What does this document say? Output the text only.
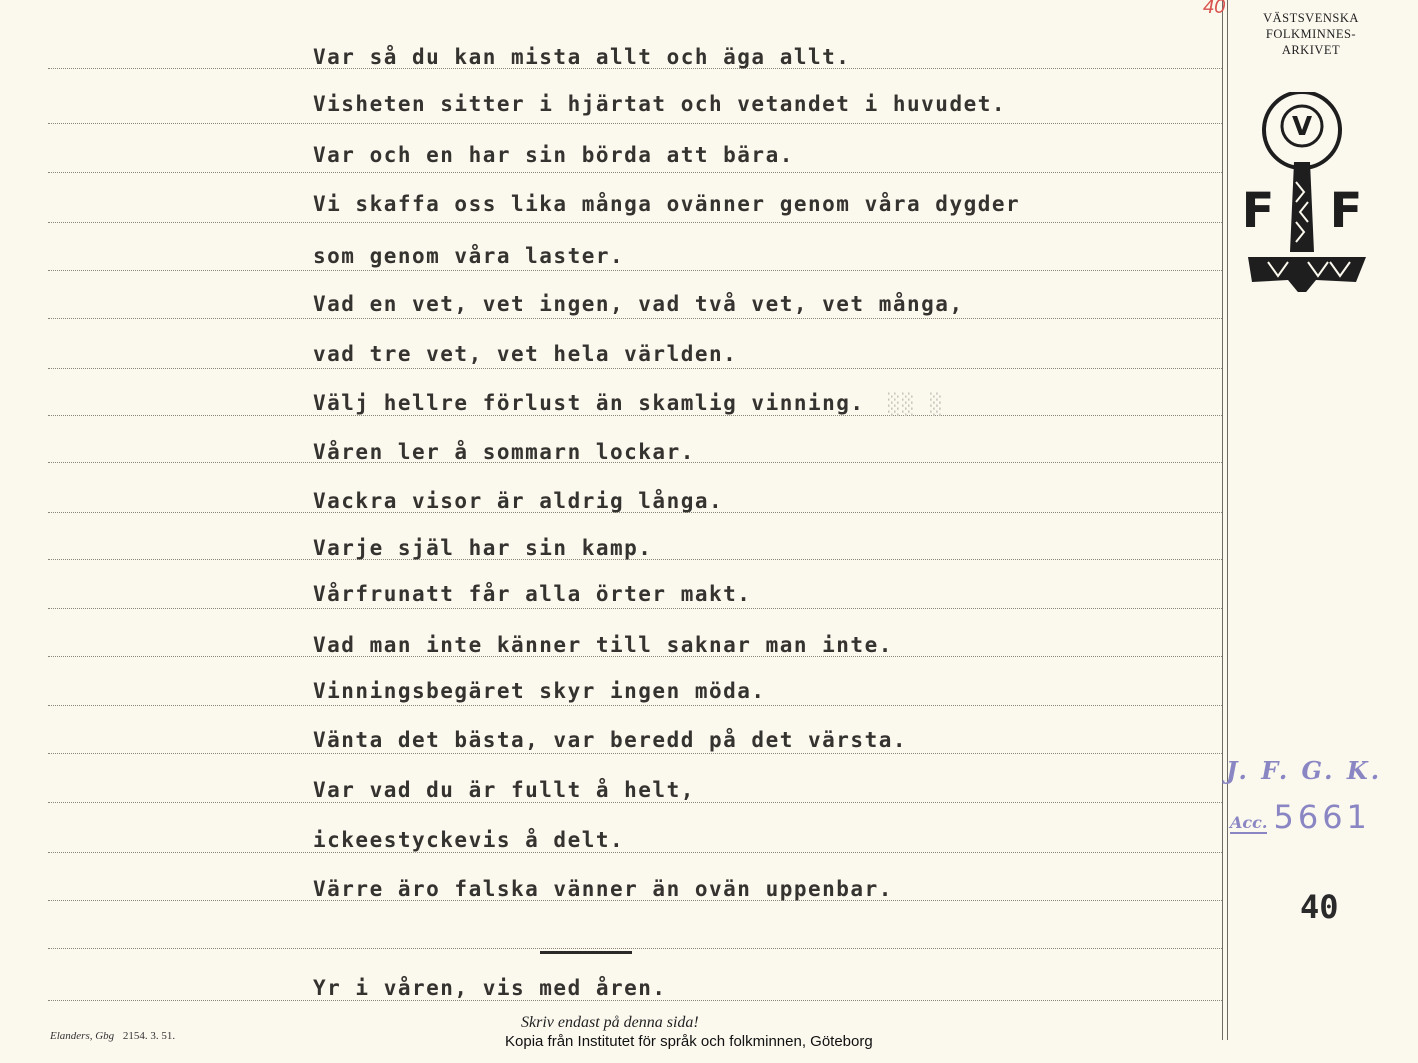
40	VÄSTSVENSKA
FOLKMINNES-
ARKIVET
V
F F
Var så du kan mista allt och äga allt.
Visheten sitter i hjärtat och vetandet i huvudet.
Var och en har sin börda att bära.
Vi skaffa oss lika många ovänner genom våra dygder
som genom våra laster.
Vad en vet, vet ingen, vad två vet, vet många,
vad tre vet, vet hela världen.
Välj hellre förlust än skamlig vinning. ░░ ░
Våren ler å sommarn lockar.
Vackra visor är aldrig långa.
Varje själ har sin kamp.
Vårfrunatt får alla örter makt.
Vad man inte känner till saknar man inte.
Vinningsbegäret skyr ingen möda.
Vänta det bästa, var beredd på det värsta.
Var vad du är fullt å helt,
ickeestyckevis å delt.
Värre äro falska vänner än ovän uppenbar.
Yr i våren, vis med åren.
J. F. G. K.
Acc. 5661
40
Elanders, Gbg 2154. 3. 51.
Skriv endast på denna sida!
Kopia från Institutet för språk och folkminnen, Göteborg
